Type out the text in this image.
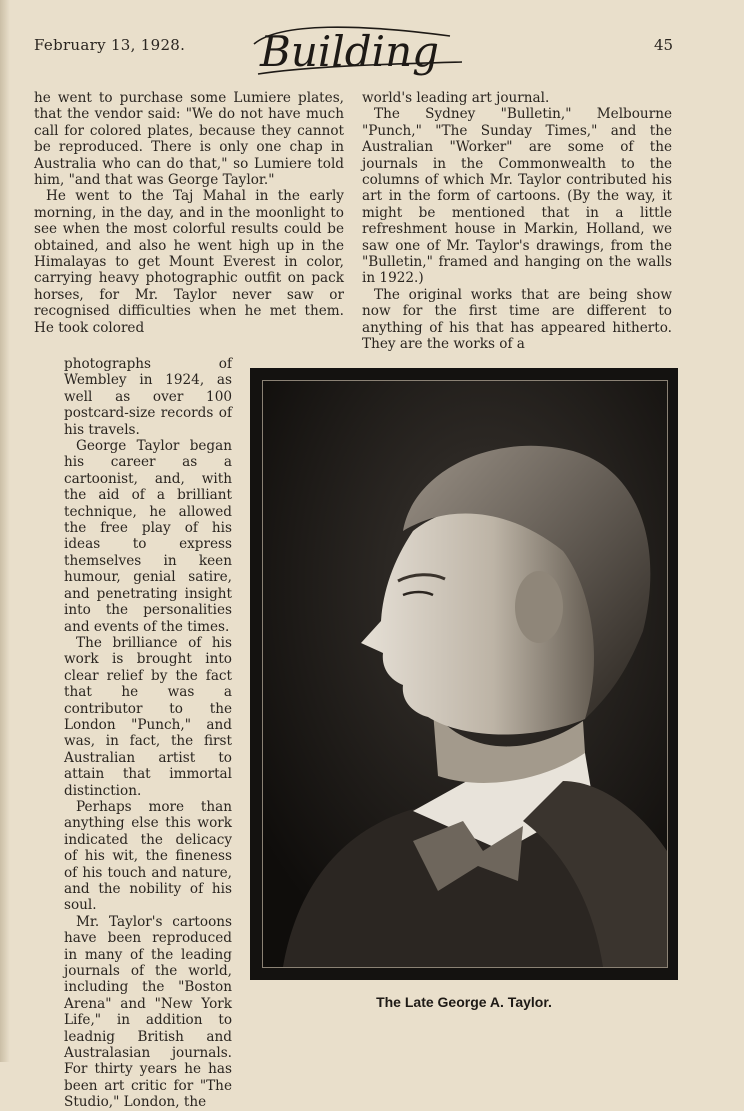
February 13, 1928. Building	45

he went to purchase some Lumiere plates, that the vendor said: "We do not have much call for colored plates, because they cannot be reproduced. There is only one chap in Australia who can do that," so Lumiere told him, "and that was George Taylor."

He went to the Taj Mahal in the early morning, in the day, and in the moonlight to see when the most colorful results could be obtained, and also he went high up in the Himalayas to get Mount Everest in color, carrying heavy photographic outfit on pack horses, for Mr. Taylor never saw or recognised difficulties when he met them. He took colored

world's leading art journal.

The Sydney "Bulletin," Melbourne "Punch," "The Sunday Times," and the Australian "Worker" are some of the journals in the Commonwealth to the columns of which Mr. Taylor contributed his art in the form of cartoons. (By the way, it might be mentioned that in a little refreshment house in Markin, Holland, we saw one of Mr. Taylor's drawings, from the "Bulletin," framed and hanging on the walls in 1922.)

The original works that are being show now for the first time are different to anything of his that has appeared hitherto. They are the works of a

photographs of Wembley in 1924, as well as over 100 postcard-size records of his travels.

George Taylor began his career as a cartoonist, and, with the aid of a brilliant technique, he allowed the free play of his ideas to express themselves in keen humour, genial satire, and penetrating insight into the personalities and events of the times.

The brilliance of his work is brought into clear relief by the fact that he was a contributor to the London "Punch," and was, in fact, the first Australian artist to attain that immortal distinction.

Perhaps more than anything else this work indicated the delicacy of his wit, the fineness of his touch and nature, and the nobility of his soul.

Mr. Taylor's cartoons have been reproduced in many of the leading journals of the world, including the "Boston Arena" and "New York Life," in addition to leadnig British and Australasian journals. For thirty years he has been art critic for "The Studio," London, the

The Late George A. Taylor.
